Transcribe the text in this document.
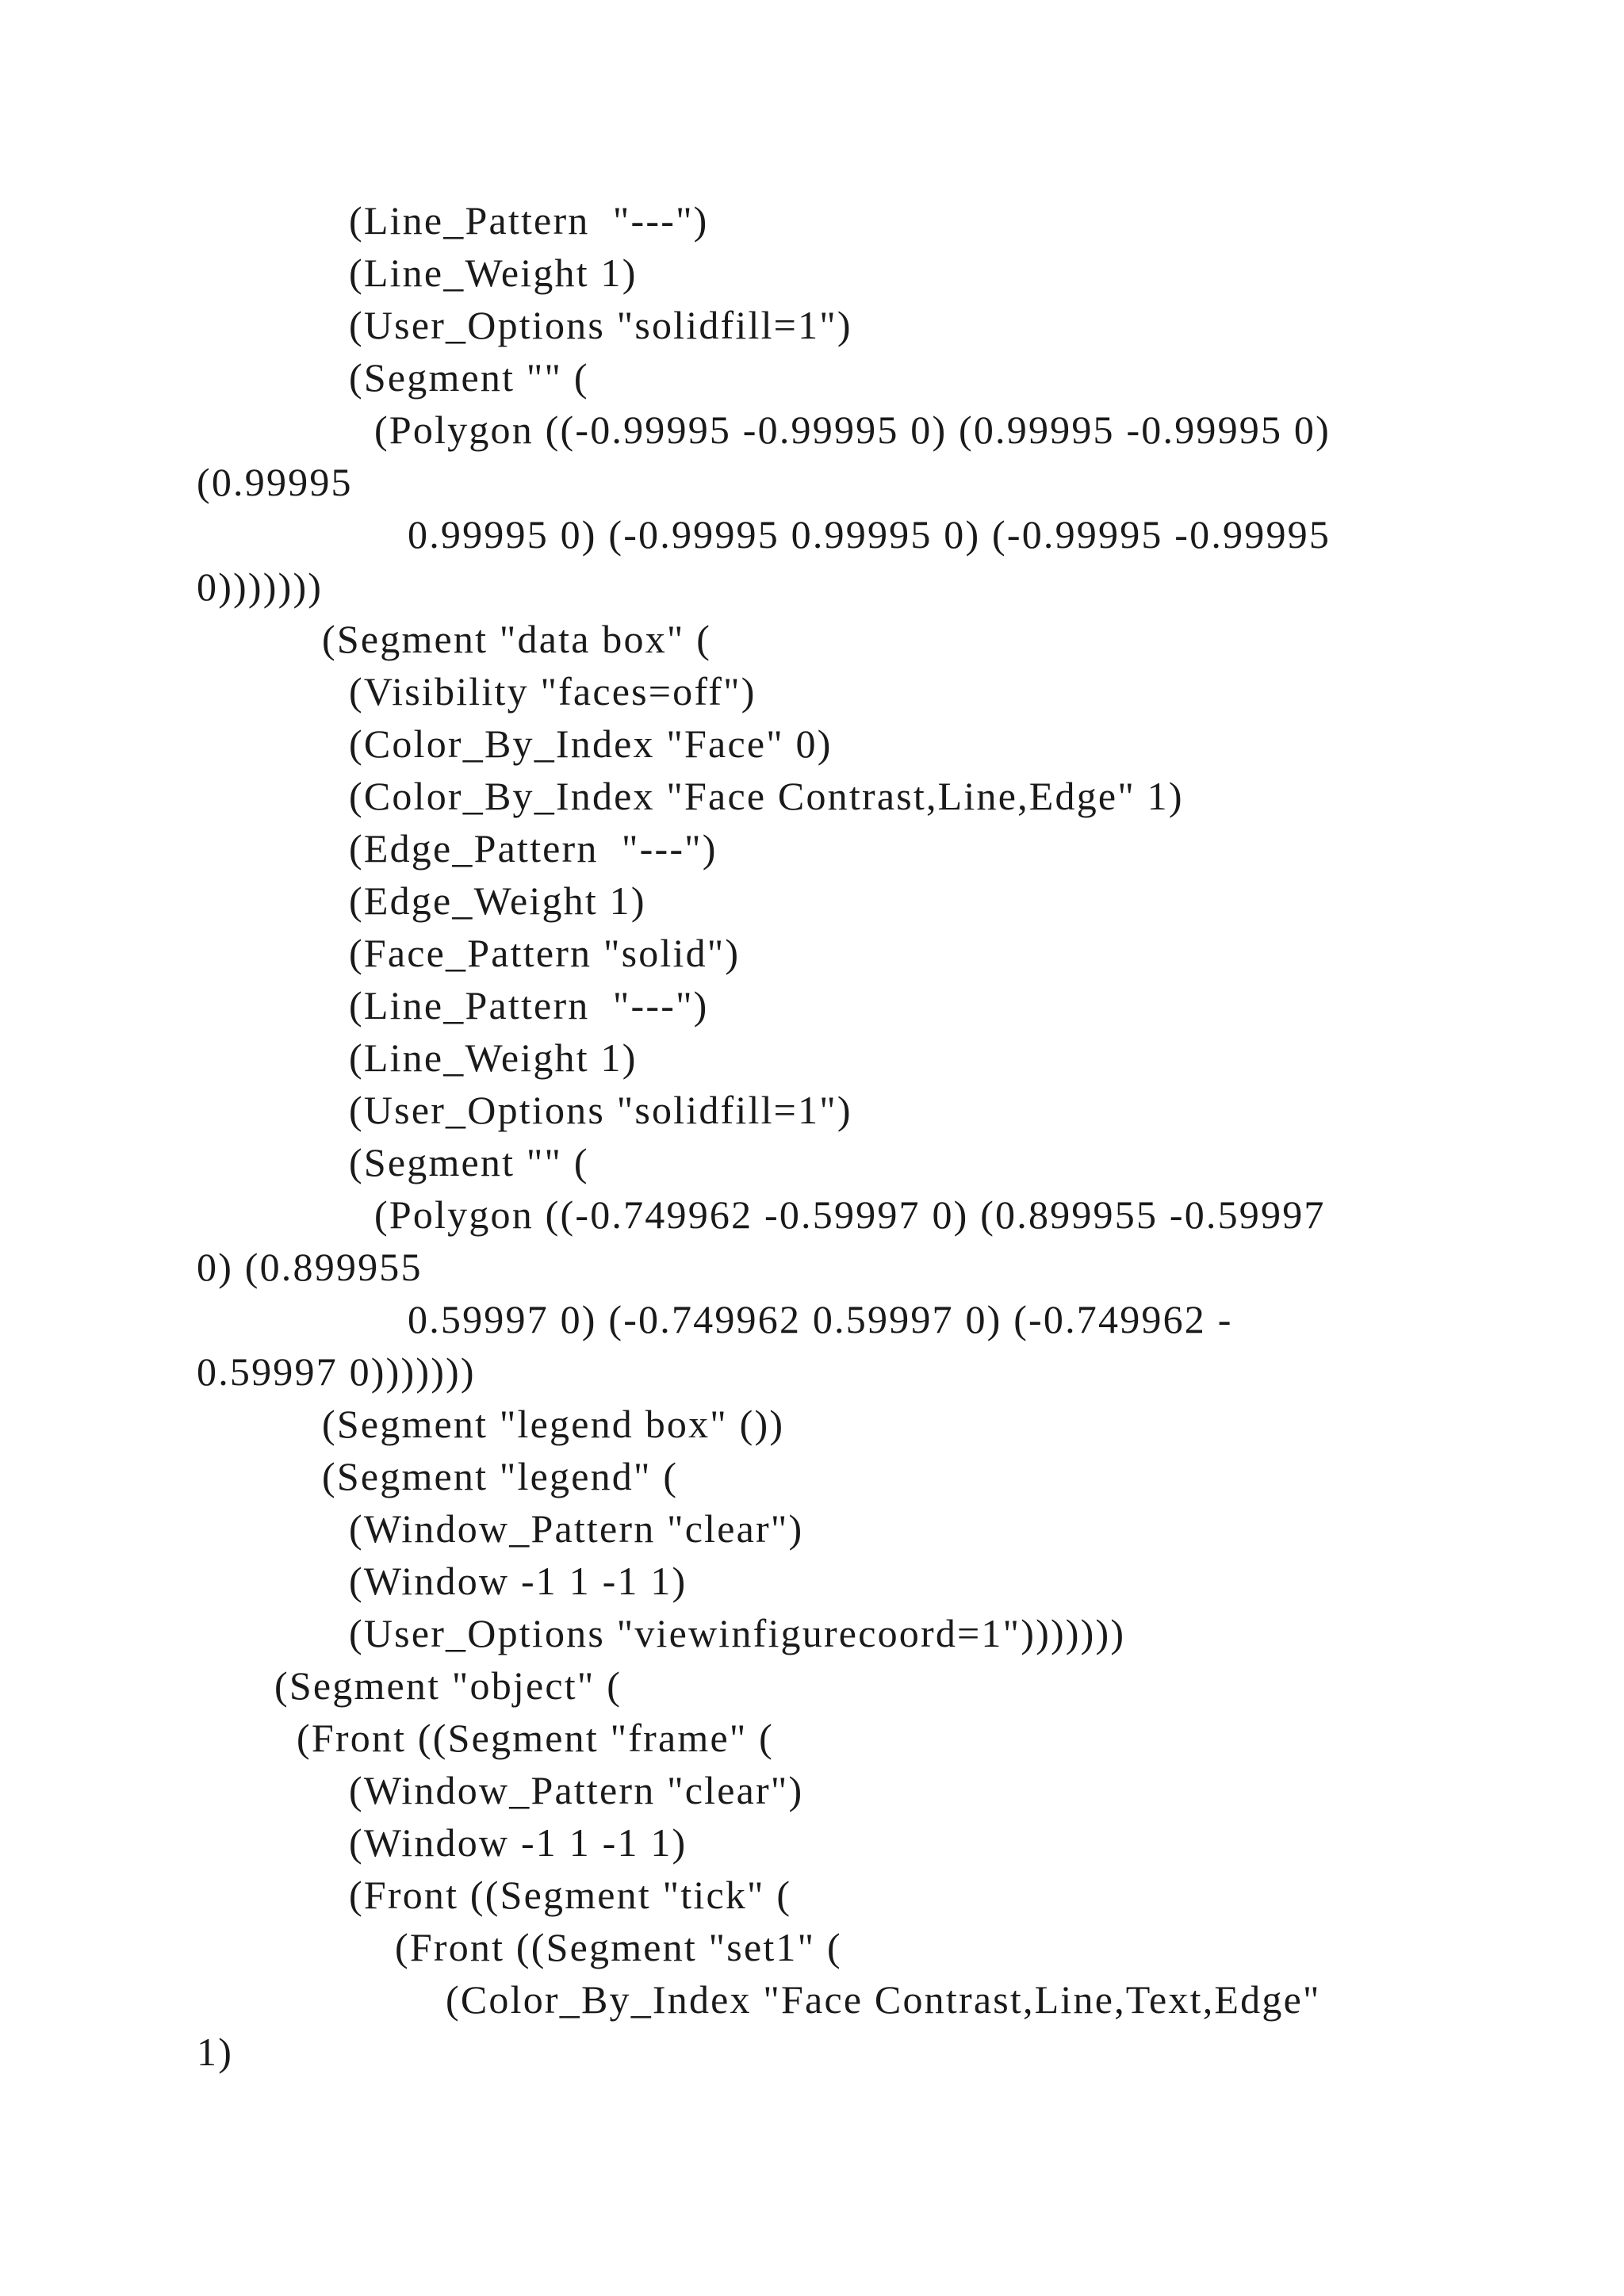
(Line_Pattern  "---")
(Line_Weight 1)
(User_Options "solidfill=1")
(Segment "" (
(Polygon ((-0.99995 -0.99995 0) (0.99995 -0.99995 0)
(0.99995
0.99995 0) (-0.99995 0.99995 0) (-0.99995 -0.99995
0)))))))
(Segment "data box" (
(Visibility "faces=off")
(Color_By_Index "Face" 0)
(Color_By_Index "Face Contrast,Line,Edge" 1)
(Edge_Pattern  "---")
(Edge_Weight 1)
(Face_Pattern "solid")
(Line_Pattern  "---")
(Line_Weight 1)
(User_Options "solidfill=1")
(Segment "" (
(Polygon ((-0.749962 -0.59997 0) (0.899955 -0.59997
0) (0.899955
0.59997 0) (-0.749962 0.59997 0) (-0.749962 -
0.59997 0)))))))
(Segment "legend box" ())
(Segment "legend" (
(Window_Pattern "clear")
(Window -1 1 -1 1)
(User_Options "viewinfigurecoord=1")))))))
(Segment "object" (
(Front ((Segment "frame" (
(Window_Pattern "clear")
(Window -1 1 -1 1)
(Front ((Segment "tick" (
(Front ((Segment "set1" (
(Color_By_Index "Face Contrast,Line,Text,Edge"
1)
